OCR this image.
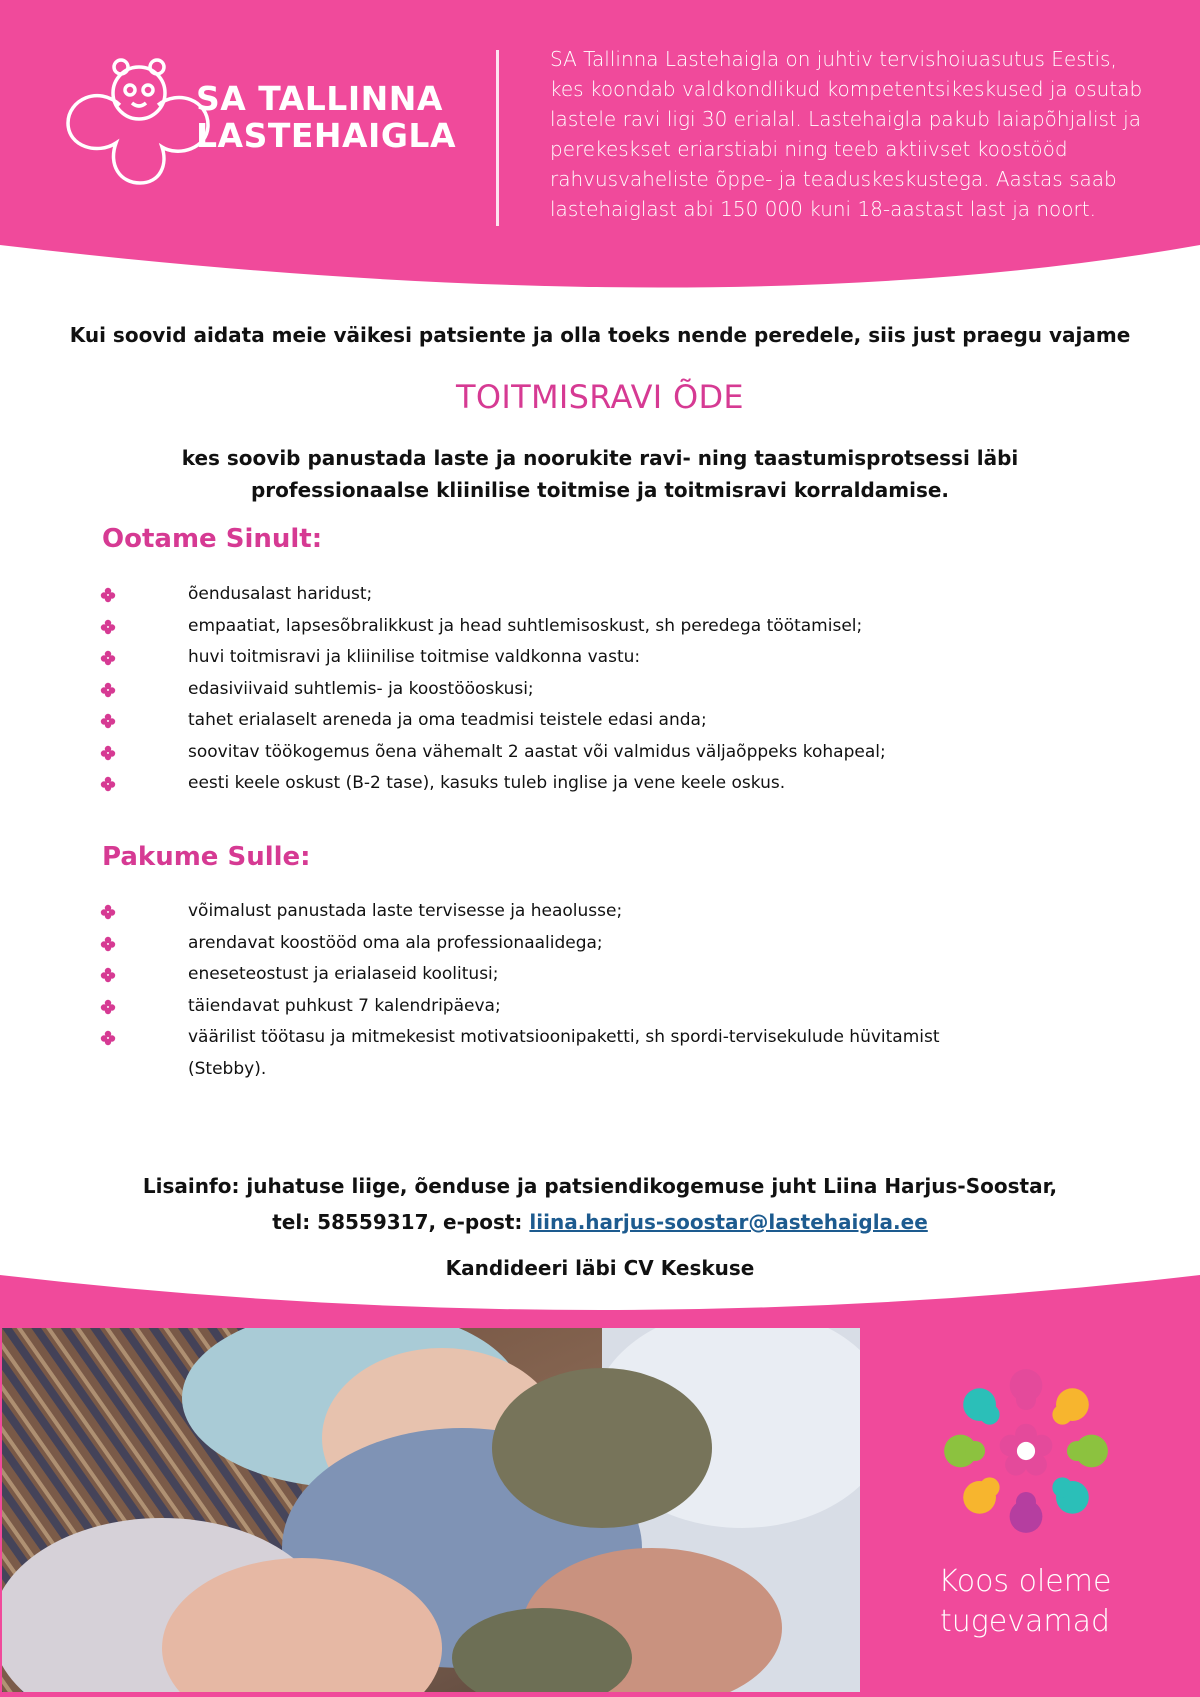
SA TALLINNA
LASTEHAIGLA
SA Tallinna Lastehaigla on juhtiv tervishoiuasutus Eestis, kes koondab valdkondlikud kompetentsikeskused ja osutab lastele ravi ligi 30 erialal. Lastehaigla pakub laiapõhjalist ja perekeskset eriarstiabi ning teeb aktiivset koostööd rahvusvaheliste õppe- ja teaduskeskustega. Aastas saab lastehaiglast abi 150 000 kuni 18-aastast last ja noort.
Kui soovid aidata meie väikesi patsiente ja olla toeks nende peredele, siis just praegu vajame
TOITMISRAVI ÕDE
kes soovib panustada laste ja noorukite ravi- ning taastumisprotsessi läbi
professionaalse kliinilise toitmise ja toitmisravi korraldamise.
Ootame Sinult:
õendusalast haridust;
empaatiat, lapsesõbralikkust ja head suhtlemisoskust, sh peredega töötamisel;
huvi toitmisravi ja kliinilise toitmise valdkonna vastu:
edasiviivaid suhtlemis- ja koostööoskusi;
tahet erialaselt areneda ja oma teadmisi teistele edasi anda;
soovitav töökogemus õena vähemalt 2 aastat või valmidus väljaõppeks kohapeal;
eesti keele oskust (B-2 tase), kasuks tuleb inglise ja vene keele oskus.
Pakume Sulle:
võimalust panustada laste tervisesse ja heaolusse;
arendavat koostööd oma ala professionaalidega;
eneseteostust ja erialaseid koolitusi;
täiendavat puhkust 7 kalendripäeva;
väärilist töötasu ja mitmekesist motivatsioonipaketti, sh spordi-tervisekulude hüvitamist (Stebby).
Lisainfo: juhatuse liige, õenduse ja patsiendikogemuse juht Liina Harjus-Soostar,
tel: 58559317, e-post: liina.harjus-soostar@lastehaigla.ee
Kandideeri läbi CV Keskuse
Koos oleme
tugevamad
